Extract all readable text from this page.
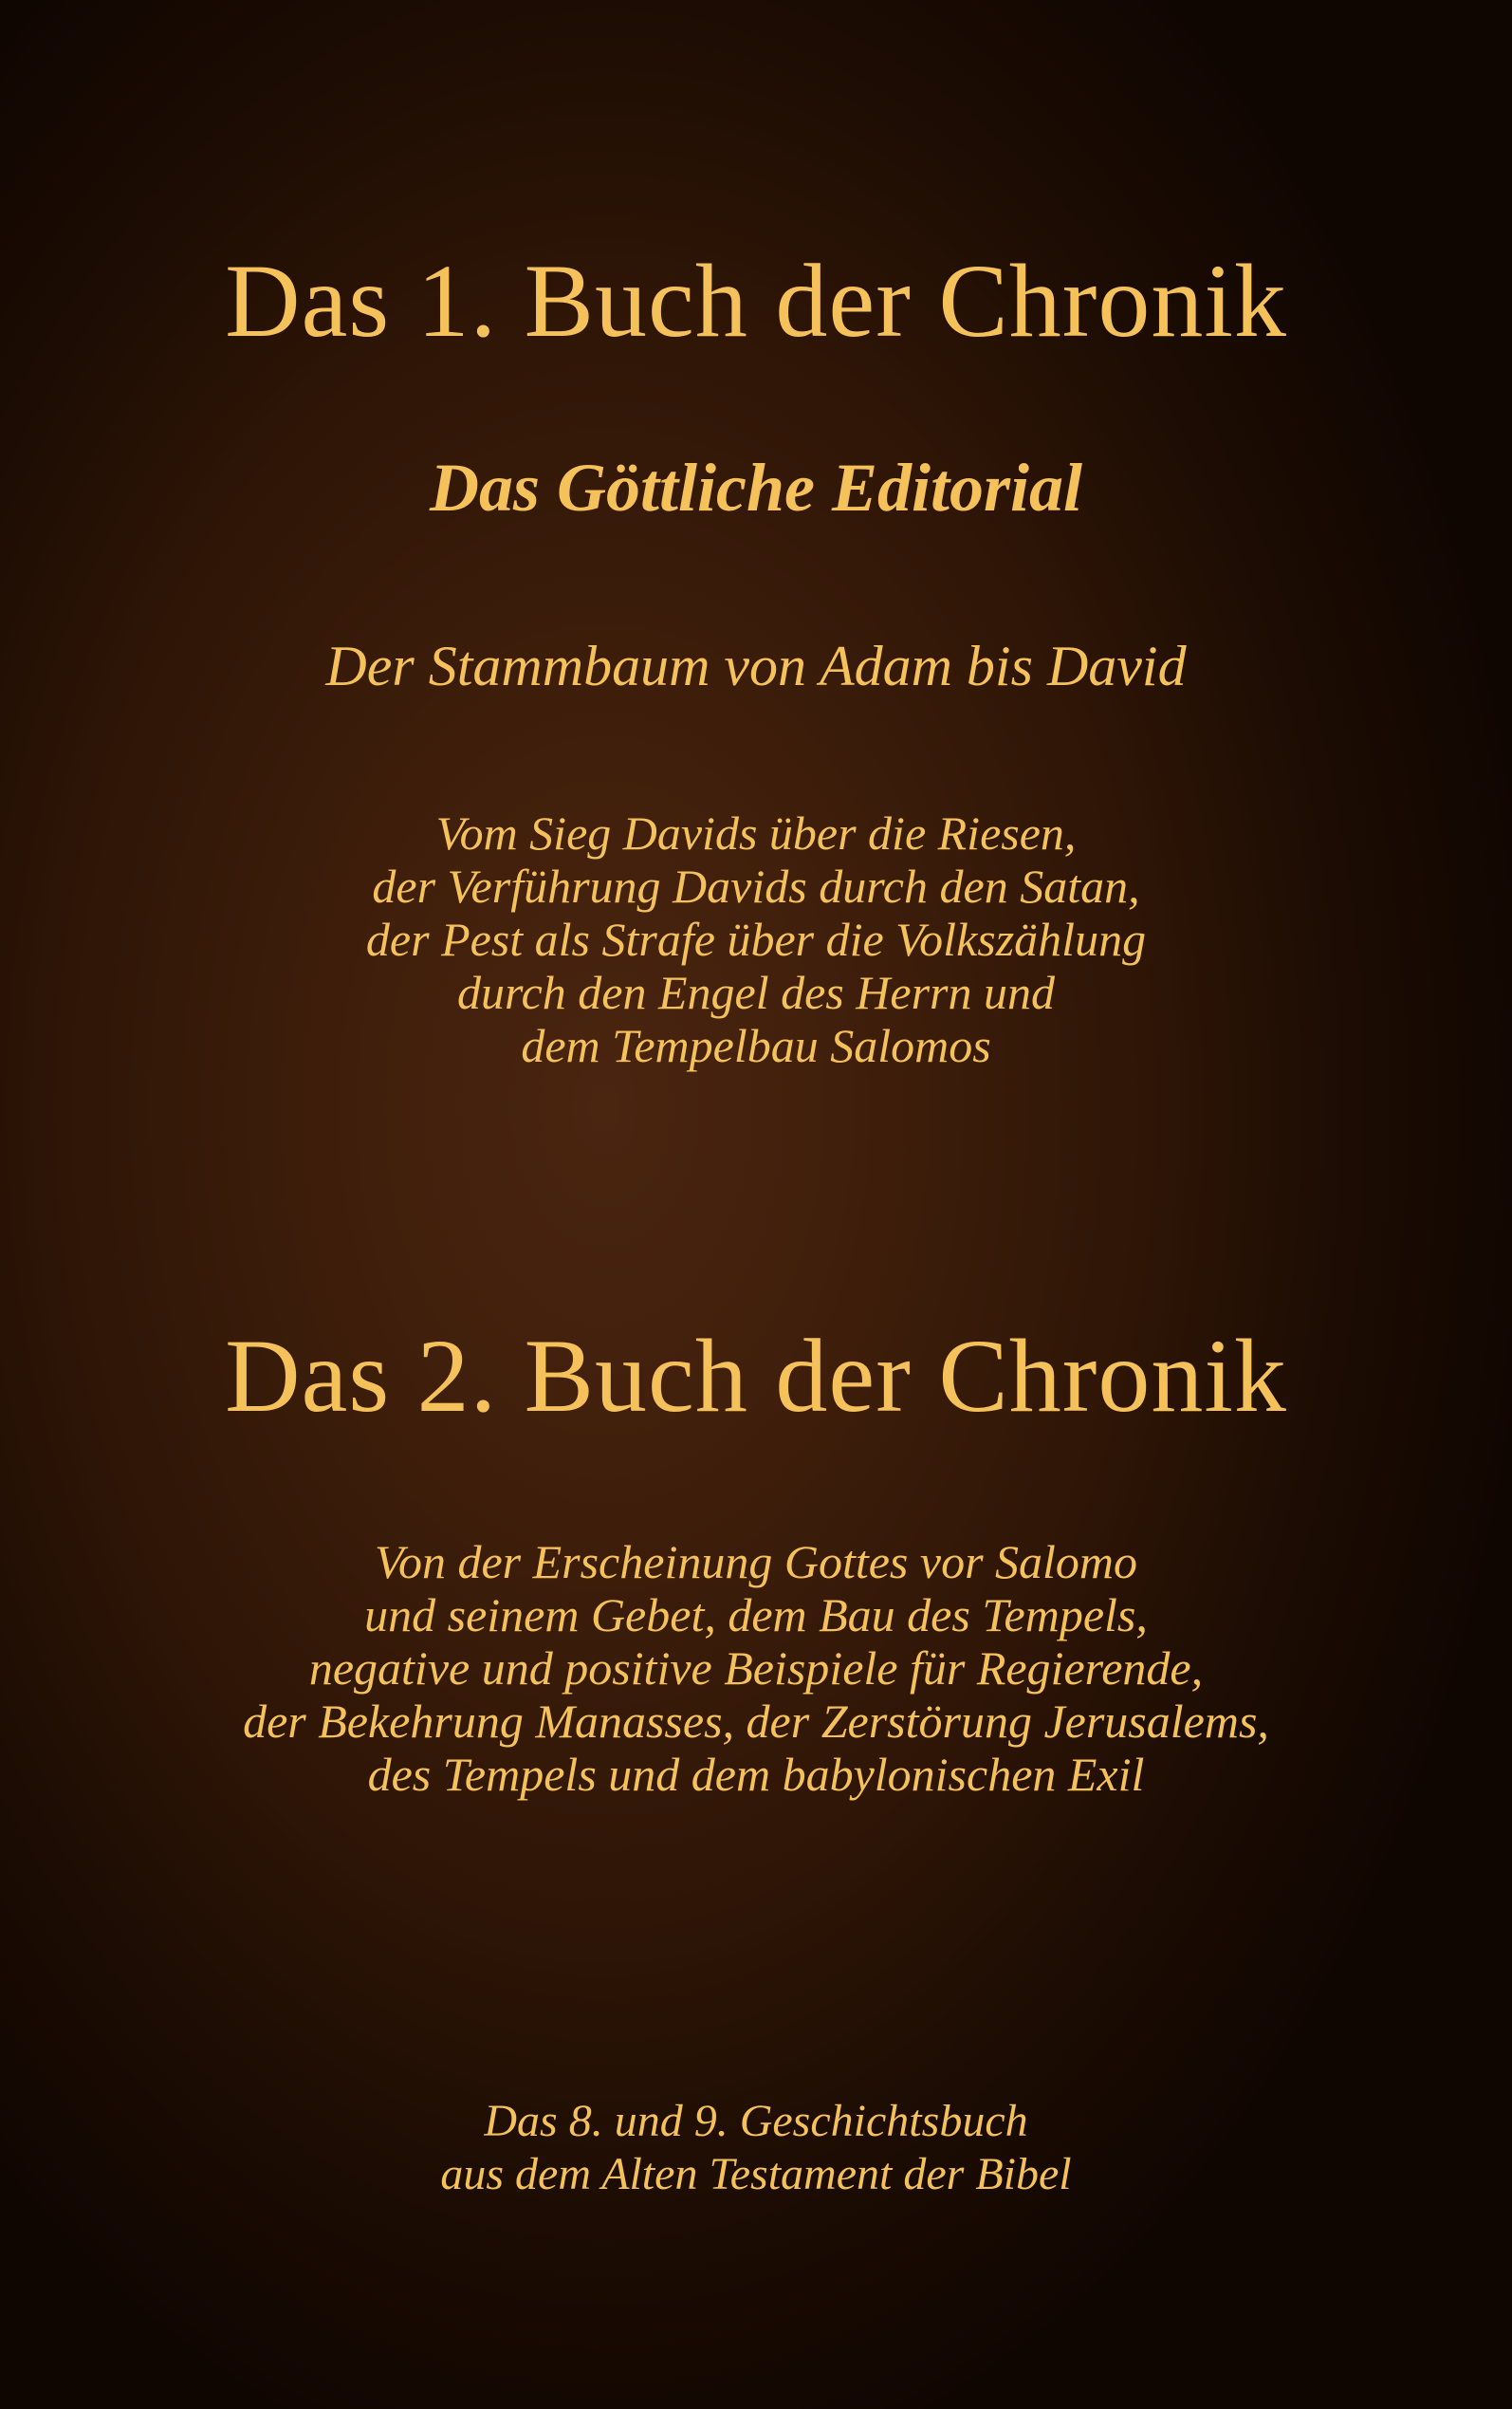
Das 1. Buch der Chronik
Das Göttliche Editorial
Der Stammbaum von Adam bis David
Vom Sieg Davids über die Riesen,
der Verführung Davids durch den Satan,
der Pest als Strafe über die Volkszählung
durch den Engel des Herrn und
dem Tempelbau Salomos
Das 2. Buch der Chronik
Von der Erscheinung Gottes vor Salomo
und seinem Gebet, dem Bau des Tempels,
negative und positive Beispiele für Regierende,
der Bekehrung Manasses, der Zerstörung Jerusalems,
des Tempels und dem babylonischen Exil
Das 8. und 9. Geschichtsbuch
aus dem Alten Testament der Bibel
